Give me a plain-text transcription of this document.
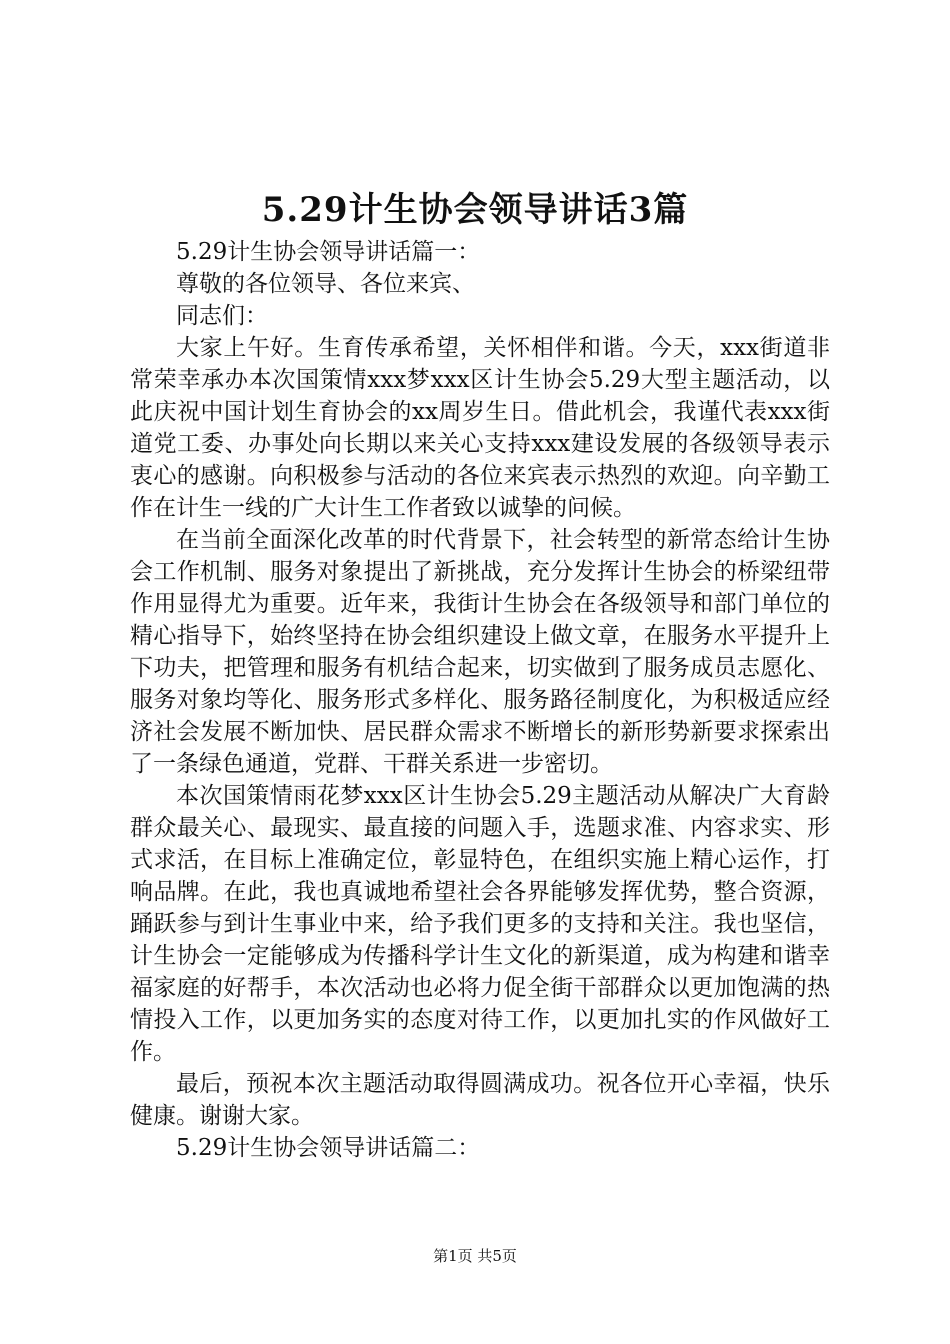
5.29计生协会领导讲话3篇

5.29计生协会领导讲话篇一：

尊敬的各位领导、各位来宾、

同志们：

大家上午好。生育传承希望，关怀相伴和谐。今天，xxx街道非常荣幸承办本次国策情xxx梦xxx区计生协会5.29大型主题活动，以此庆祝中国计划生育协会的xx周岁生日。借此机会，我谨代表xxx街道党工委、办事处向长期以来关心支持xxx建设发展的各级领导表示衷心的感谢。向积极参与活动的各位来宾表示热烈的欢迎。向辛勤工作在计生一线的广大计生工作者致以诚挚的问候。

在当前全面深化改革的时代背景下，社会转型的新常态给计生协会工作机制、服务对象提出了新挑战，充分发挥计生协会的桥梁纽带作用显得尤为重要。近年来，我街计生协会在各级领导和部门单位的精心指导下，始终坚持在协会组织建设上做文章，在服务水平提升上下功夫，把管理和服务有机结合起来，切实做到了服务成员志愿化、服务对象均等化、服务形式多样化、服务路径制度化，为积极适应经济社会发展不断加快、居民群众需求不断增长的新形势新要求探索出了一条绿色通道，党群、干群关系进一步密切。

本次国策情雨花梦xxx区计生协会5.29主题活动从解决广大育龄群众最关心、最现实、最直接的问题入手，选题求准、内容求实、形式求活，在目标上准确定位，彰显特色，在组织实施上精心运作，打响品牌。在此，我也真诚地希望社会各界能够发挥优势，整合资源，踊跃参与到计生事业中来，给予我们更多的支持和关注。我也坚信，计生协会一定能够成为传播科学计生文化的新渠道，成为构建和谐幸福家庭的好帮手，本次活动也必将力促全街干部群众以更加饱满的热情投入工作，以更加务实的态度对待工作，以更加扎实的作风做好工作。

最后，预祝本次主题活动取得圆满成功。祝各位开心幸福，快乐健康。谢谢大家。

5.29计生协会领导讲话篇二：

第1页 共5页
